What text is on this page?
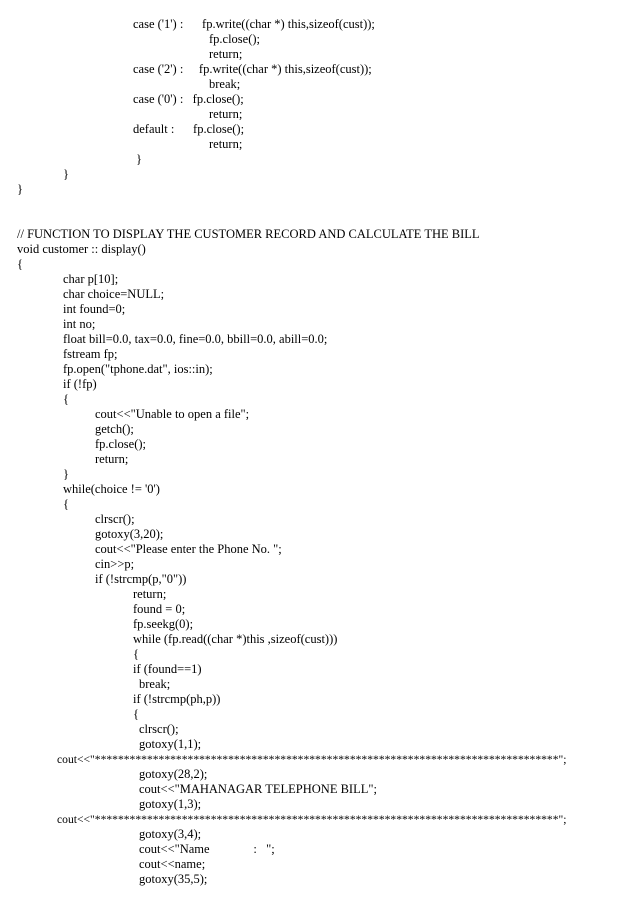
case ('1') :      fp.write((char *) this,sizeof(cust));
fp.close();
return;
case ('2') :     fp.write((char *) this,sizeof(cust));
break;
case ('0') :   fp.close();
return;
default :      fp.close();
return;
}
}
}
// FUNCTION TO DISPLAY THE CUSTOMER RECORD AND CALCULATE THE BILL
void customer :: display()
{
char p[10];
char choice=NULL;
int found=0;
int no;
float bill=0.0, tax=0.0, fine=0.0, bbill=0.0, abill=0.0;
fstream fp;
fp.open("tphone.dat", ios::in);
if (!fp)
{
cout<<"Unable to open a file";
getch();
fp.close();
return;
}
while(choice != '0')
{
clrscr();
gotoxy(3,20);
cout<<"Please enter the Phone No. ";
cin>>p;
if (!strcmp(p,"0"))
return;
found = 0;
fp.seekg(0);
while (fp.read((char *)this ,sizeof(cust)))
{
if (found==1)
break;
if (!strcmp(ph,p))
{
clrscr();
gotoxy(1,1);
cout<<"********************************************************************************";
gotoxy(28,2);
cout<<"MAHANAGAR TELEPHONE BILL";
gotoxy(1,3);
cout<<"********************************************************************************";
gotoxy(3,4);
cout<<"Name              :   ";
cout<<name;
gotoxy(35,5);
